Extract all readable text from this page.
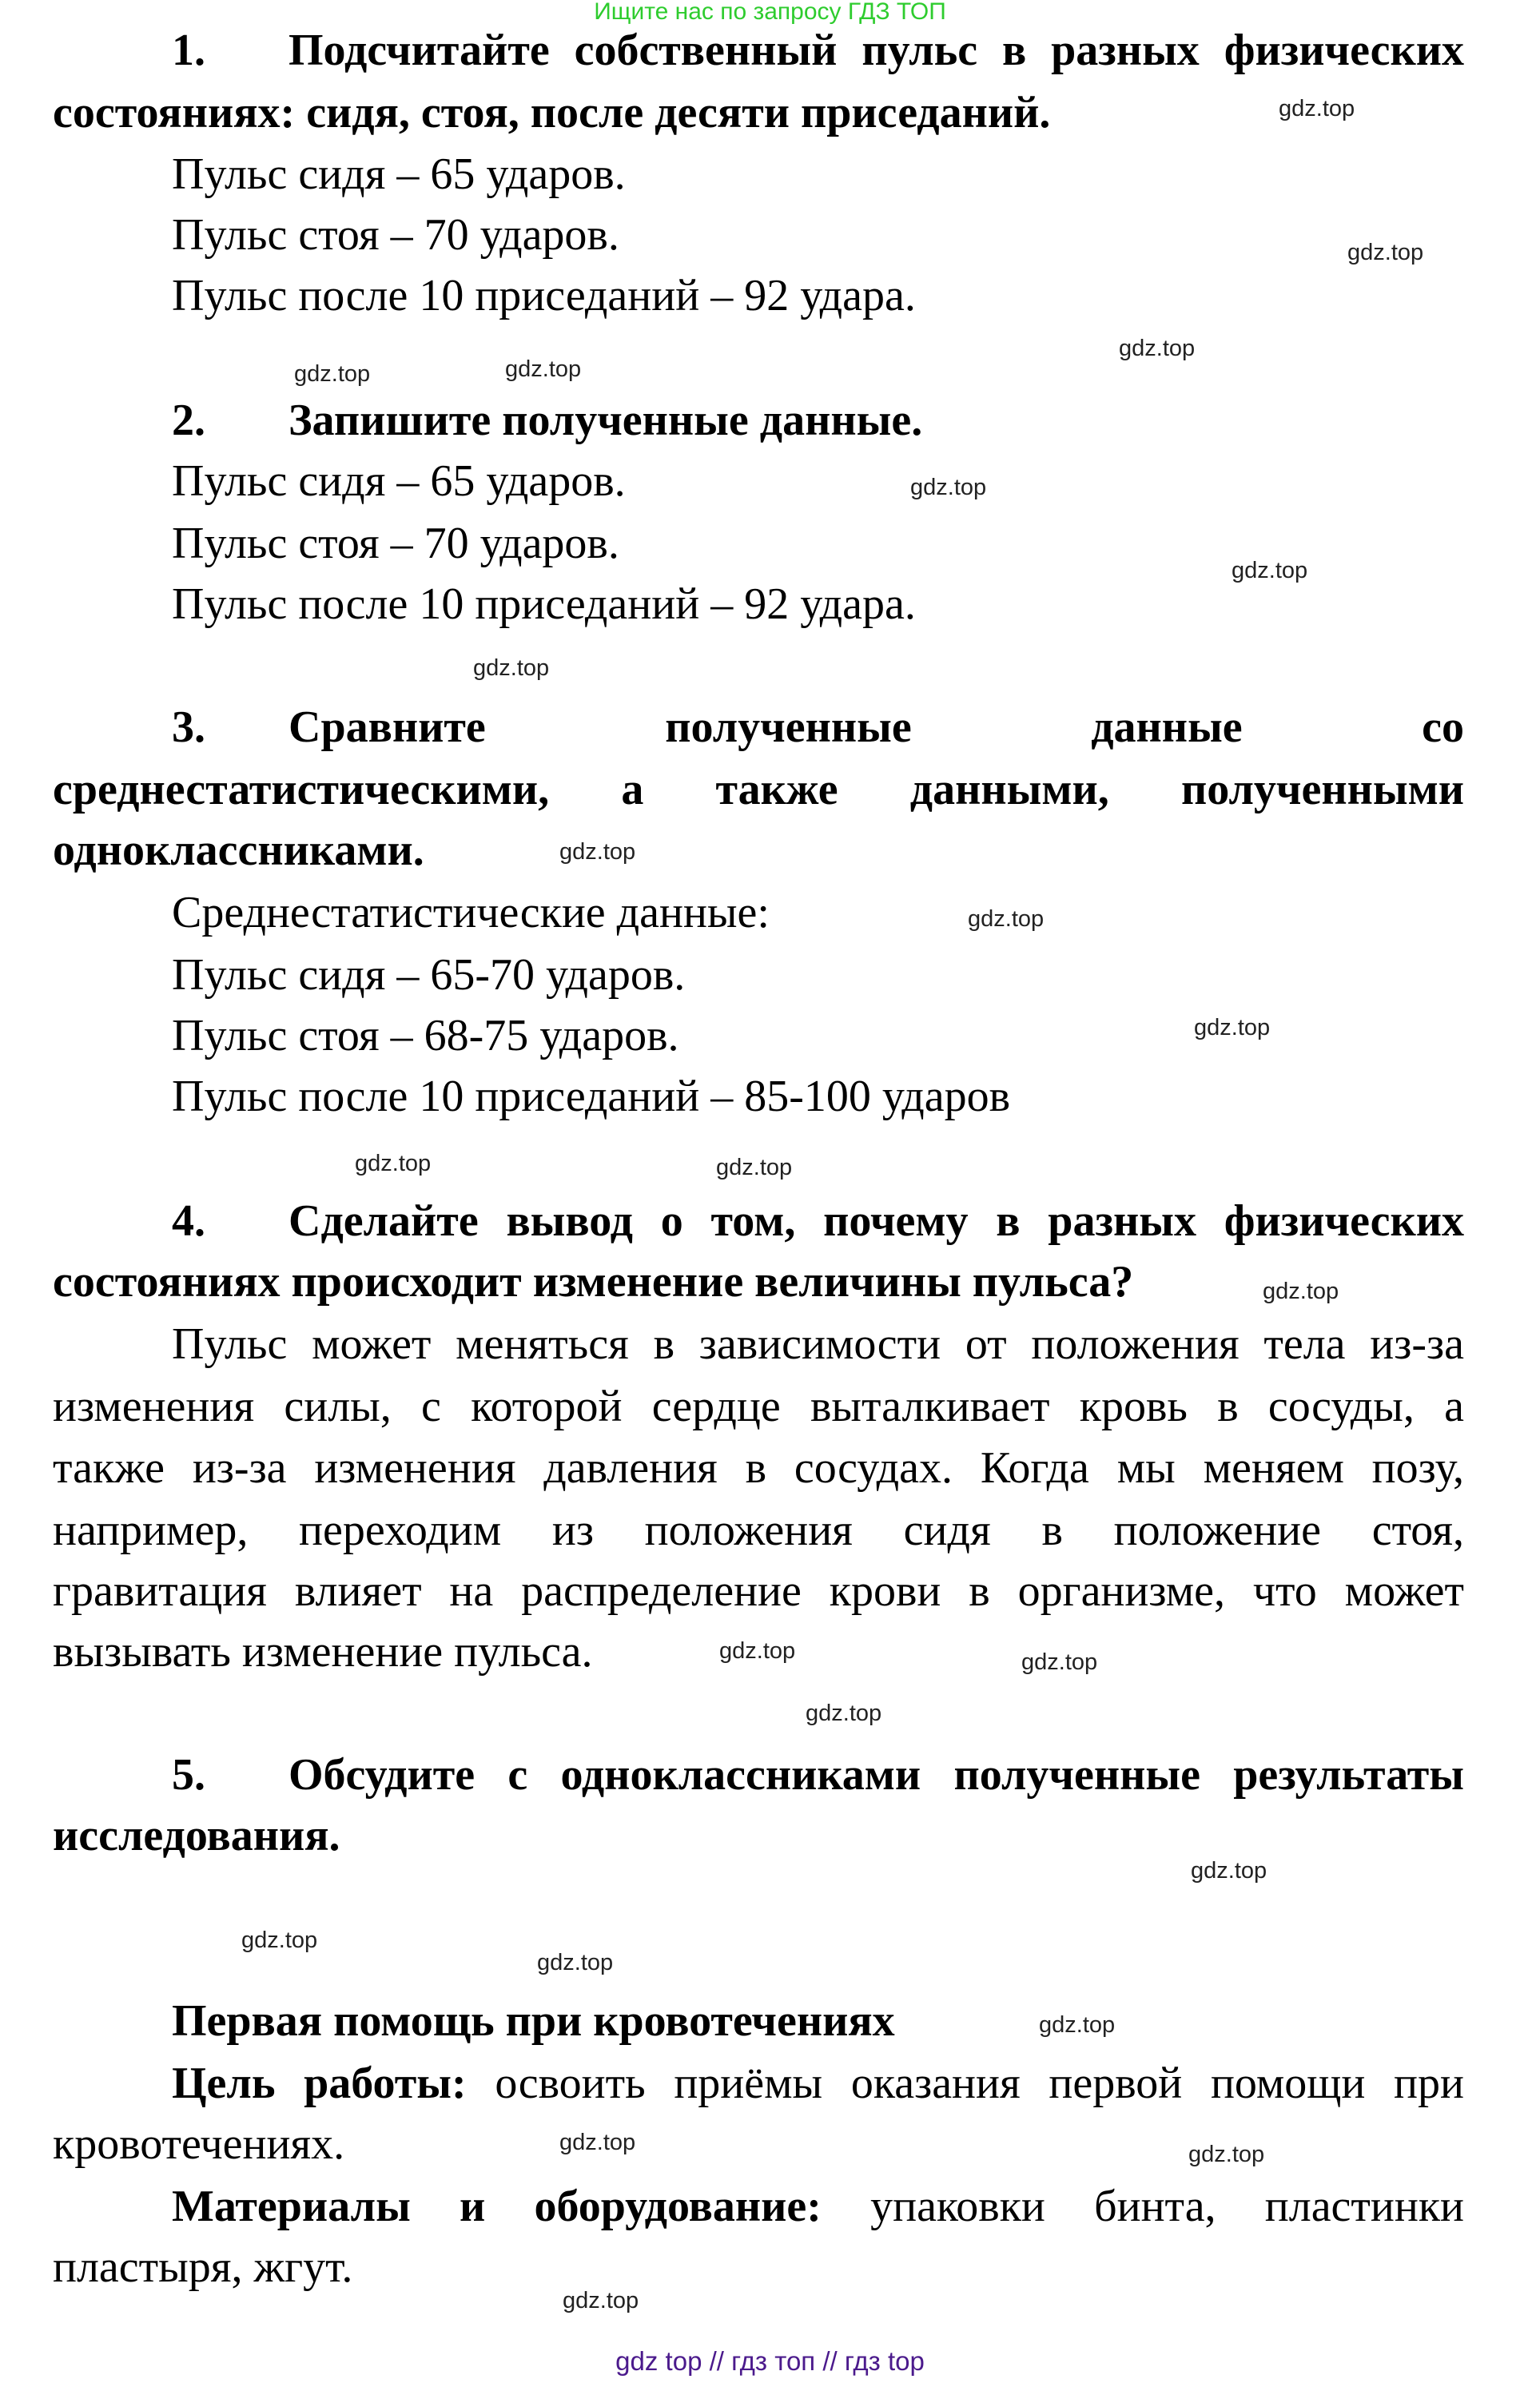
Ищите нас по запросу ГДЗ ТОП
1. Подсчитайте собственный пульс в разных физических
состояниях: сидя, стоя, после десяти приседаний.
Пульс сидя – 65 ударов.
Пульс стоя – 70 ударов.
Пульс после 10 приседаний – 92 удара.
2. Запишите полученные данные.
Пульс сидя – 65 ударов.
Пульс стоя – 70 ударов.
Пульс после 10 приседаний – 92 удара.
3. Сравните полученные данные со
среднестатистическими, а также данными, полученными
одноклассниками.
Среднестатистические данные:
Пульс сидя – 65-70 ударов.
Пульс стоя – 68-75 ударов.
Пульс после 10 приседаний – 85-100 ударов
4. Сделайте вывод о том, почему в разных физических
состояниях происходит изменение величины пульса?
Пульс может меняться в зависимости от положения тела из-за
изменения силы, с которой сердце выталкивает кровь в сосуды, а
также из-за изменения давления в сосудах. Когда мы меняем позу,
например, переходим из положения сидя в положение стоя,
гравитация влияет на распределение крови в организме, что может
вызывать изменение пульса.
5. Обсудите с одноклассниками полученные результаты
исследования.
Первая помощь при кровотечениях
Цель работы: освоить приёмы оказания первой помощи при
кровотечениях.
Материалы и оборудование: упаковки бинта, пластинки
пластыря, жгут.
gdz.top
gdz.top
gdz.top
gdz.top
gdz.top
gdz.top
gdz.top
gdz.top
gdz.top
gdz.top
gdz.top
gdz.top	gdz.top
gdz.top
gdz.top
gdz.top
gdz.top
gdz.top
gdz.top
gdz.top
gdz.top
gdz.top	gdz.top
gdz.top
gdz top // гдз топ // гдз top
